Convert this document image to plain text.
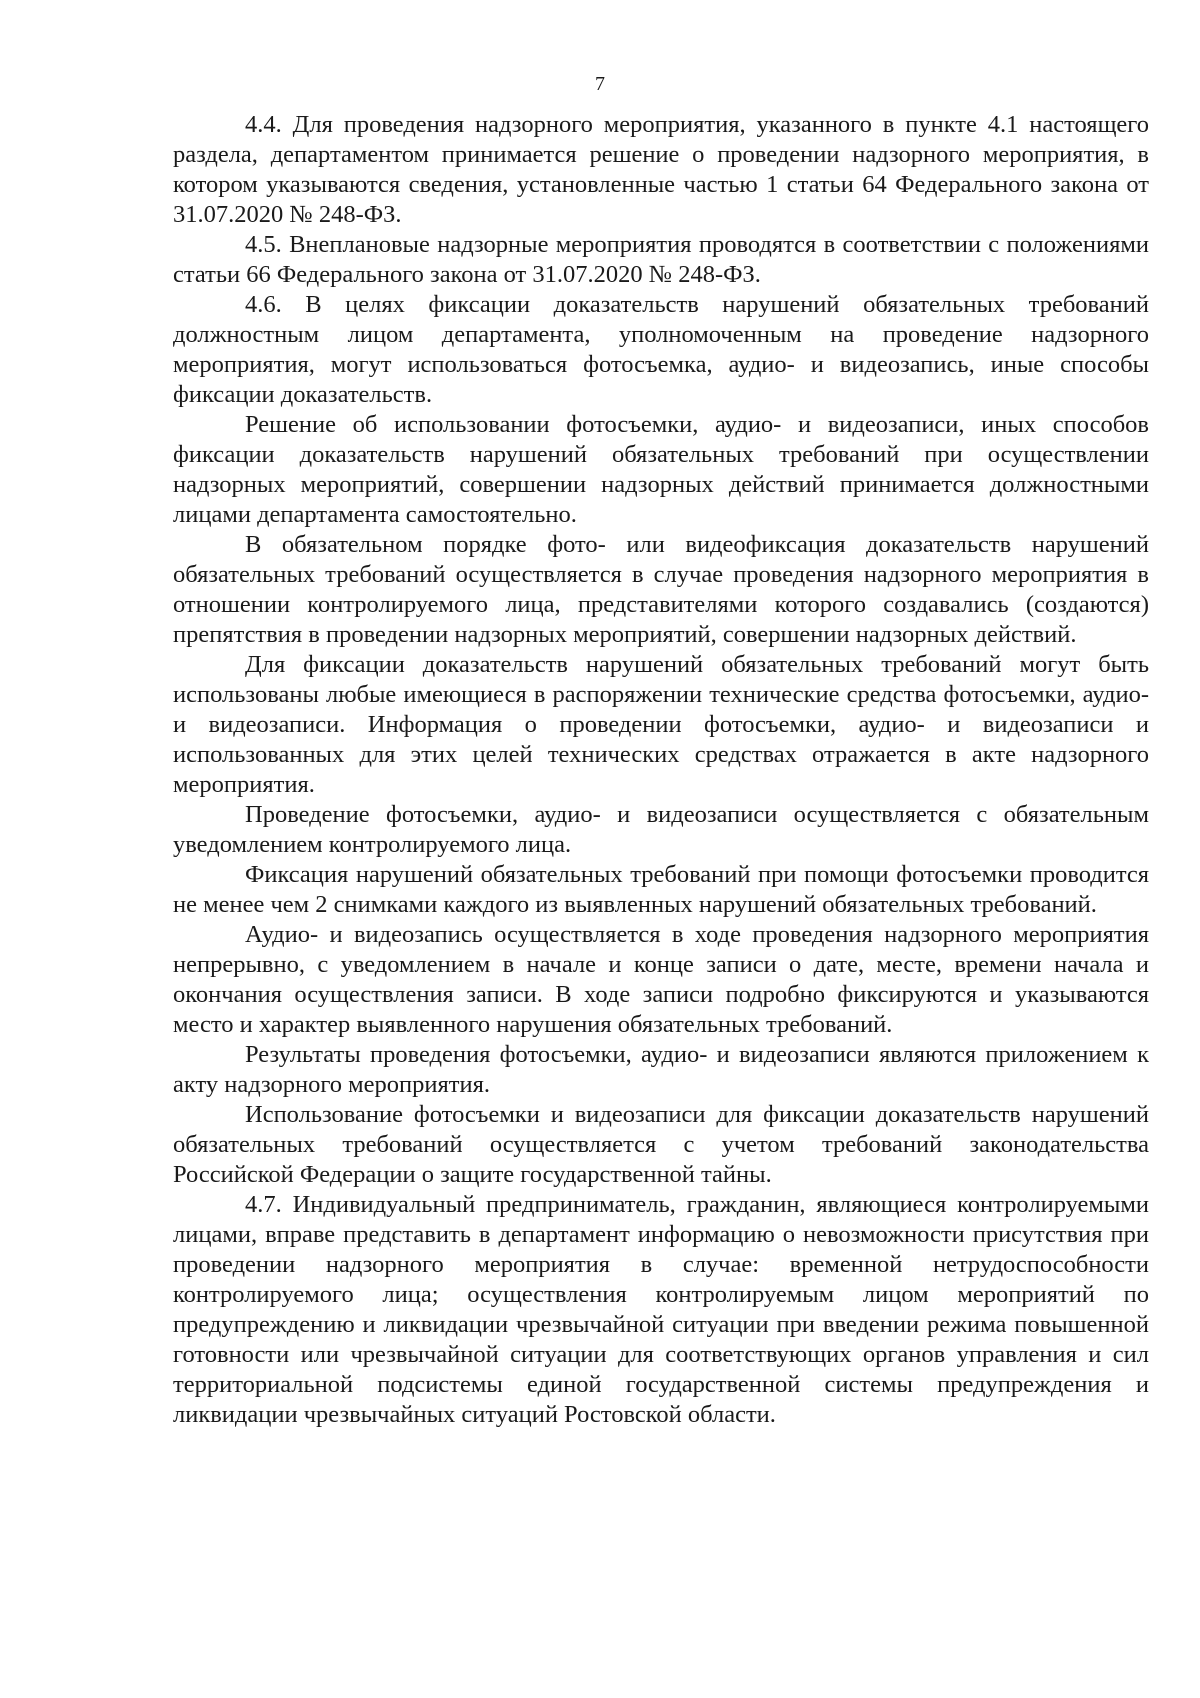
7

4.4. Для проведения надзорного мероприятия, указанного в пункте 4.1 настоящего раздела, департаментом принимается решение о проведении надзорного мероприятия, в котором указываются сведения, установленные частью 1 статьи 64 Федерального закона от 31.07.2020 № 248-ФЗ.

4.5. Внеплановые надзорные мероприятия проводятся в соответствии с положениями статьи 66 Федерального закона от 31.07.2020 № 248-ФЗ.

4.6. В целях фиксации доказательств нарушений обязательных требований должностным лицом департамента, уполномоченным на проведение надзорного мероприятия, могут использоваться фотосъемка, аудио- и видеозапись, иные способы фиксации доказательств.

Решение об использовании фотосъемки, аудио- и видеозаписи, иных способов фиксации доказательств нарушений обязательных требований при осуществлении надзорных мероприятий, совершении надзорных действий принимается должностными лицами департамента самостоятельно.

В обязательном порядке фото- или видеофиксация доказательств нарушений обязательных требований осуществляется в случае проведения надзорного мероприятия в отношении контролируемого лица, представителями которого создавались (создаются) препятствия в проведении надзорных мероприятий, совершении надзорных действий.

Для фиксации доказательств нарушений обязательных требований могут быть использованы любые имеющиеся в распоряжении технические средства фотосъемки, аудио- и видеозаписи. Информация о проведении фотосъемки, аудио- и видеозаписи и использованных для этих целей технических средствах отражается в акте надзорного мероприятия.

Проведение фотосъемки, аудио- и видеозаписи осуществляется с обязательным уведомлением контролируемого лица.

Фиксация нарушений обязательных требований при помощи фотосъемки проводится не менее чем 2 снимками каждого из выявленных нарушений обязательных требований.

Аудио- и видеозапись осуществляется в ходе проведения надзорного мероприятия непрерывно, с уведомлением в начале и конце записи о дате, месте, времени начала и окончания осуществления записи. В ходе записи подробно фиксируются и указываются место и характер выявленного нарушения обязательных требований.

Результаты проведения фотосъемки, аудио- и видеозаписи являются приложением к акту надзорного мероприятия.

Использование фотосъемки и видеозаписи для фиксации доказательств нарушений обязательных требований осуществляется с учетом требований законодательства Российской Федерации о защите государственной тайны.

4.7. Индивидуальный предприниматель, гражданин, являющиеся контролируемыми лицами, вправе представить в департамент информацию о невозможности присутствия при проведении надзорного мероприятия в случае: временной нетрудоспособности контролируемого лица; осуществления контролируемым лицом мероприятий по предупреждению и ликвидации чрезвычайной ситуации при введении режима повышенной готовности или чрезвычайной ситуации для соответствующих органов управления и сил территориальной подсистемы единой государственной системы предупреждения и ликвидации чрезвычайных ситуаций Ростовской области.
